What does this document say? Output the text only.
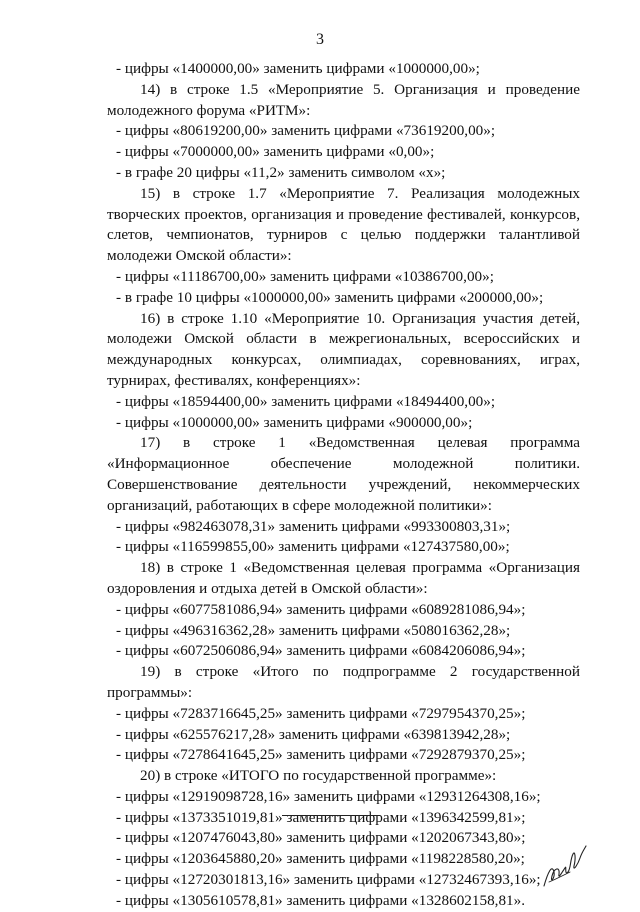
3

- цифры «1400000,00» заменить цифрами «1000000,00»;

14) в строке 1.5 «Мероприятие 5. Организация и проведение молодежного форума «РИТМ»:

- цифры «80619200,00» заменить цифрами «73619200,00»;

- цифры «7000000,00» заменить цифрами «0,00»;

- в графе 20 цифры «11,2» заменить символом «х»;

15) в строке 1.7 «Мероприятие 7. Реализация молодежных творческих проектов, организация и проведение фестивалей, конкурсов, слетов, чемпионатов, турниров с целью поддержки талантливой молодежи Омской области»:

- цифры «11186700,00» заменить цифрами «10386700,00»;

- в графе 10 цифры «1000000,00» заменить цифрами «200000,00»;

16) в строке 1.10 «Мероприятие 10. Организация участия детей, молодежи Омской области в межрегиональных, всероссийских и международных конкурсах, олимпиадах, соревнованиях, играх, турнирах, фестивалях, конференциях»:

- цифры «18594400,00» заменить цифрами «18494400,00»;

- цифры «1000000,00» заменить цифрами «900000,00»;

17) в строке 1 «Ведомственная целевая программа «Информационное обеспечение молодежной политики. Совершенствование деятельности учреждений, некоммерческих организаций, работающих в сфере молодежной политики»:

- цифры «982463078,31» заменить цифрами «993300803,31»;

- цифры «116599855,00» заменить цифрами «127437580,00»;

18) в строке 1 «Ведомственная целевая программа «Организация оздоровления и отдыха детей в Омской области»:

- цифры «6077581086,94» заменить цифрами «6089281086,94»;

- цифры «496316362,28» заменить цифрами «508016362,28»;

- цифры «6072506086,94» заменить цифрами «6084206086,94»;

19) в строке «Итого по подпрограмме 2 государственной программы»:

- цифры «7283716645,25» заменить цифрами «7297954370,25»;

- цифры «625576217,28» заменить цифрами «639813942,28»;

- цифры «7278641645,25» заменить цифрами «7292879370,25»;

20) в строке «ИТОГО по государственной программе»:

- цифры «12919098728,16» заменить цифрами «12931264308,16»;

- цифры «1373351019,81» заменить цифрами «1396342599,81»;

- цифры «1207476043,80» заменить цифрами «1202067343,80»;

- цифры «1203645880,20» заменить цифрами «1198228580,20»;

- цифры «12720301813,16» заменить цифрами «12732467393,16»;

- цифры «1305610578,81» заменить цифрами «1328602158,81».
